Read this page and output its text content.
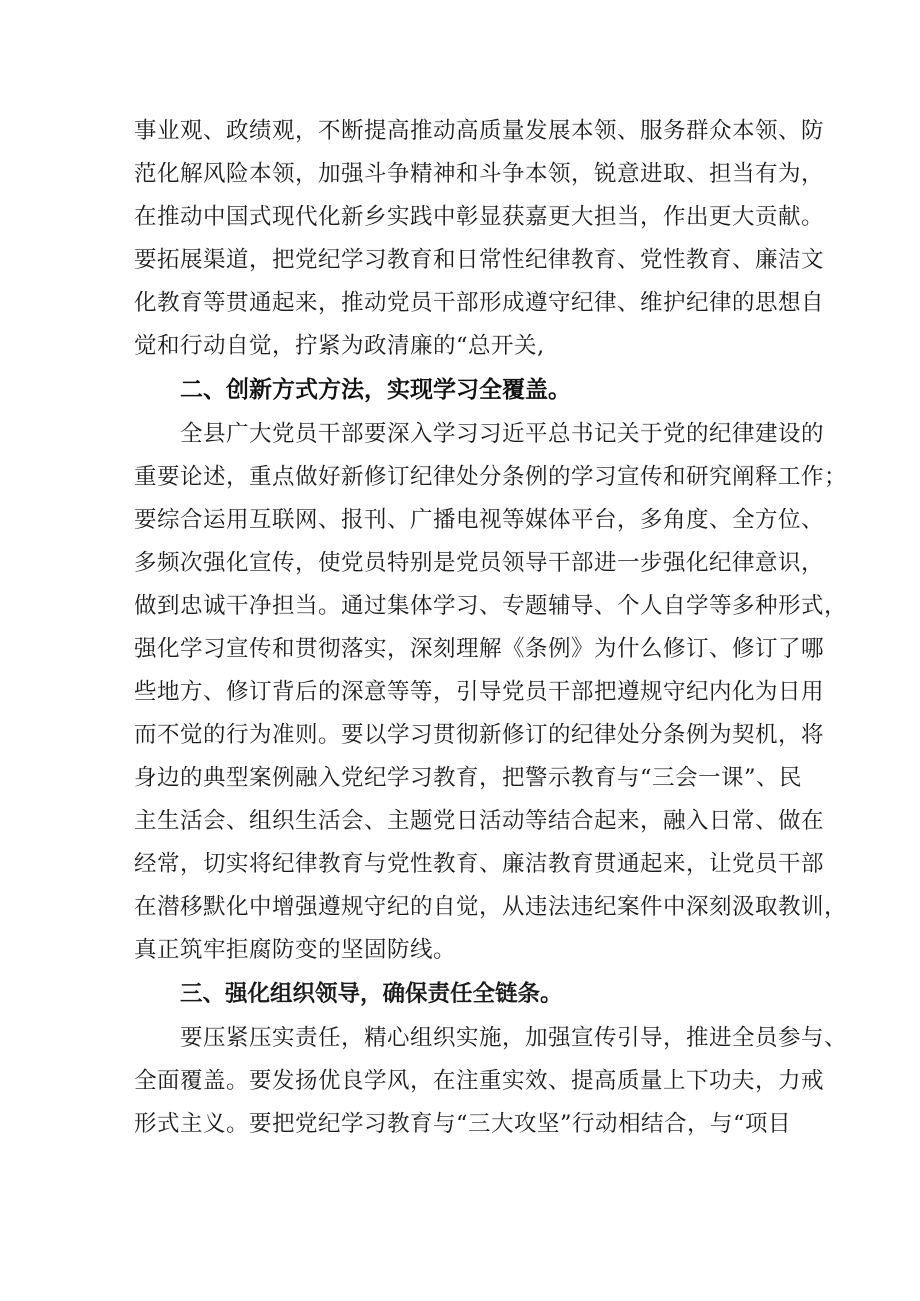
事业观、政绩观，不断提高推动高质量发展本领、服务群众本领、防

范化解风险本领，加强斗争精神和斗争本领，锐意进取、担当有为，

在推动中国式现代化新乡实践中彰显获嘉更大担当，作出更大贡献。

要拓展渠道，把党纪学习教育和日常性纪律教育、党性教育、廉洁文

化教育等贯通起来，推动党员干部形成遵守纪律、维护纪律的思想自

觉和行动自觉，拧紧为政清廉的“总开关,

二、创新方式方法，实现学习全覆盖。

全县广大党员干部要深入学习习近平总书记关于党的纪律建设的

重要论述，重点做好新修订纪律处分条例的学习宣传和研究阐释工作；

要综合运用互联网、报刊、广播电视等媒体平台，多角度、全方位、

多频次强化宣传，使党员特别是党员领导干部进一步强化纪律意识，

做到忠诚干净担当。通过集体学习、专题辅导、个人自学等多种形式，

强化学习宣传和贯彻落实，深刻理解《条例》为什么修订、修订了哪

些地方、修订背后的深意等等，引导党员干部把遵规守纪内化为日用

而不觉的行为准则。要以学习贯彻新修订的纪律处分条例为契机，将

身边的典型案例融入党纪学习教育，把警示教育与“三会一课”、民

主生活会、组织生活会、主题党日活动等结合起来，融入日常、做在

经常，切实将纪律教育与党性教育、廉洁教育贯通起来，让党员干部

在潜移默化中增强遵规守纪的自觉，从违法违纪案件中深刻汲取教训，

真正筑牢拒腐防变的坚固防线。

三、强化组织领导，确保责任全链条。

要压紧压实责任，精心组织实施，加强宣传引导，推进全员参与、

全面覆盖。要发扬优良学风，在注重实效、提高质量上下功夫，力戒

形式主义。要把党纪学习教育与“三大攻坚”行动相结合，与“项目
